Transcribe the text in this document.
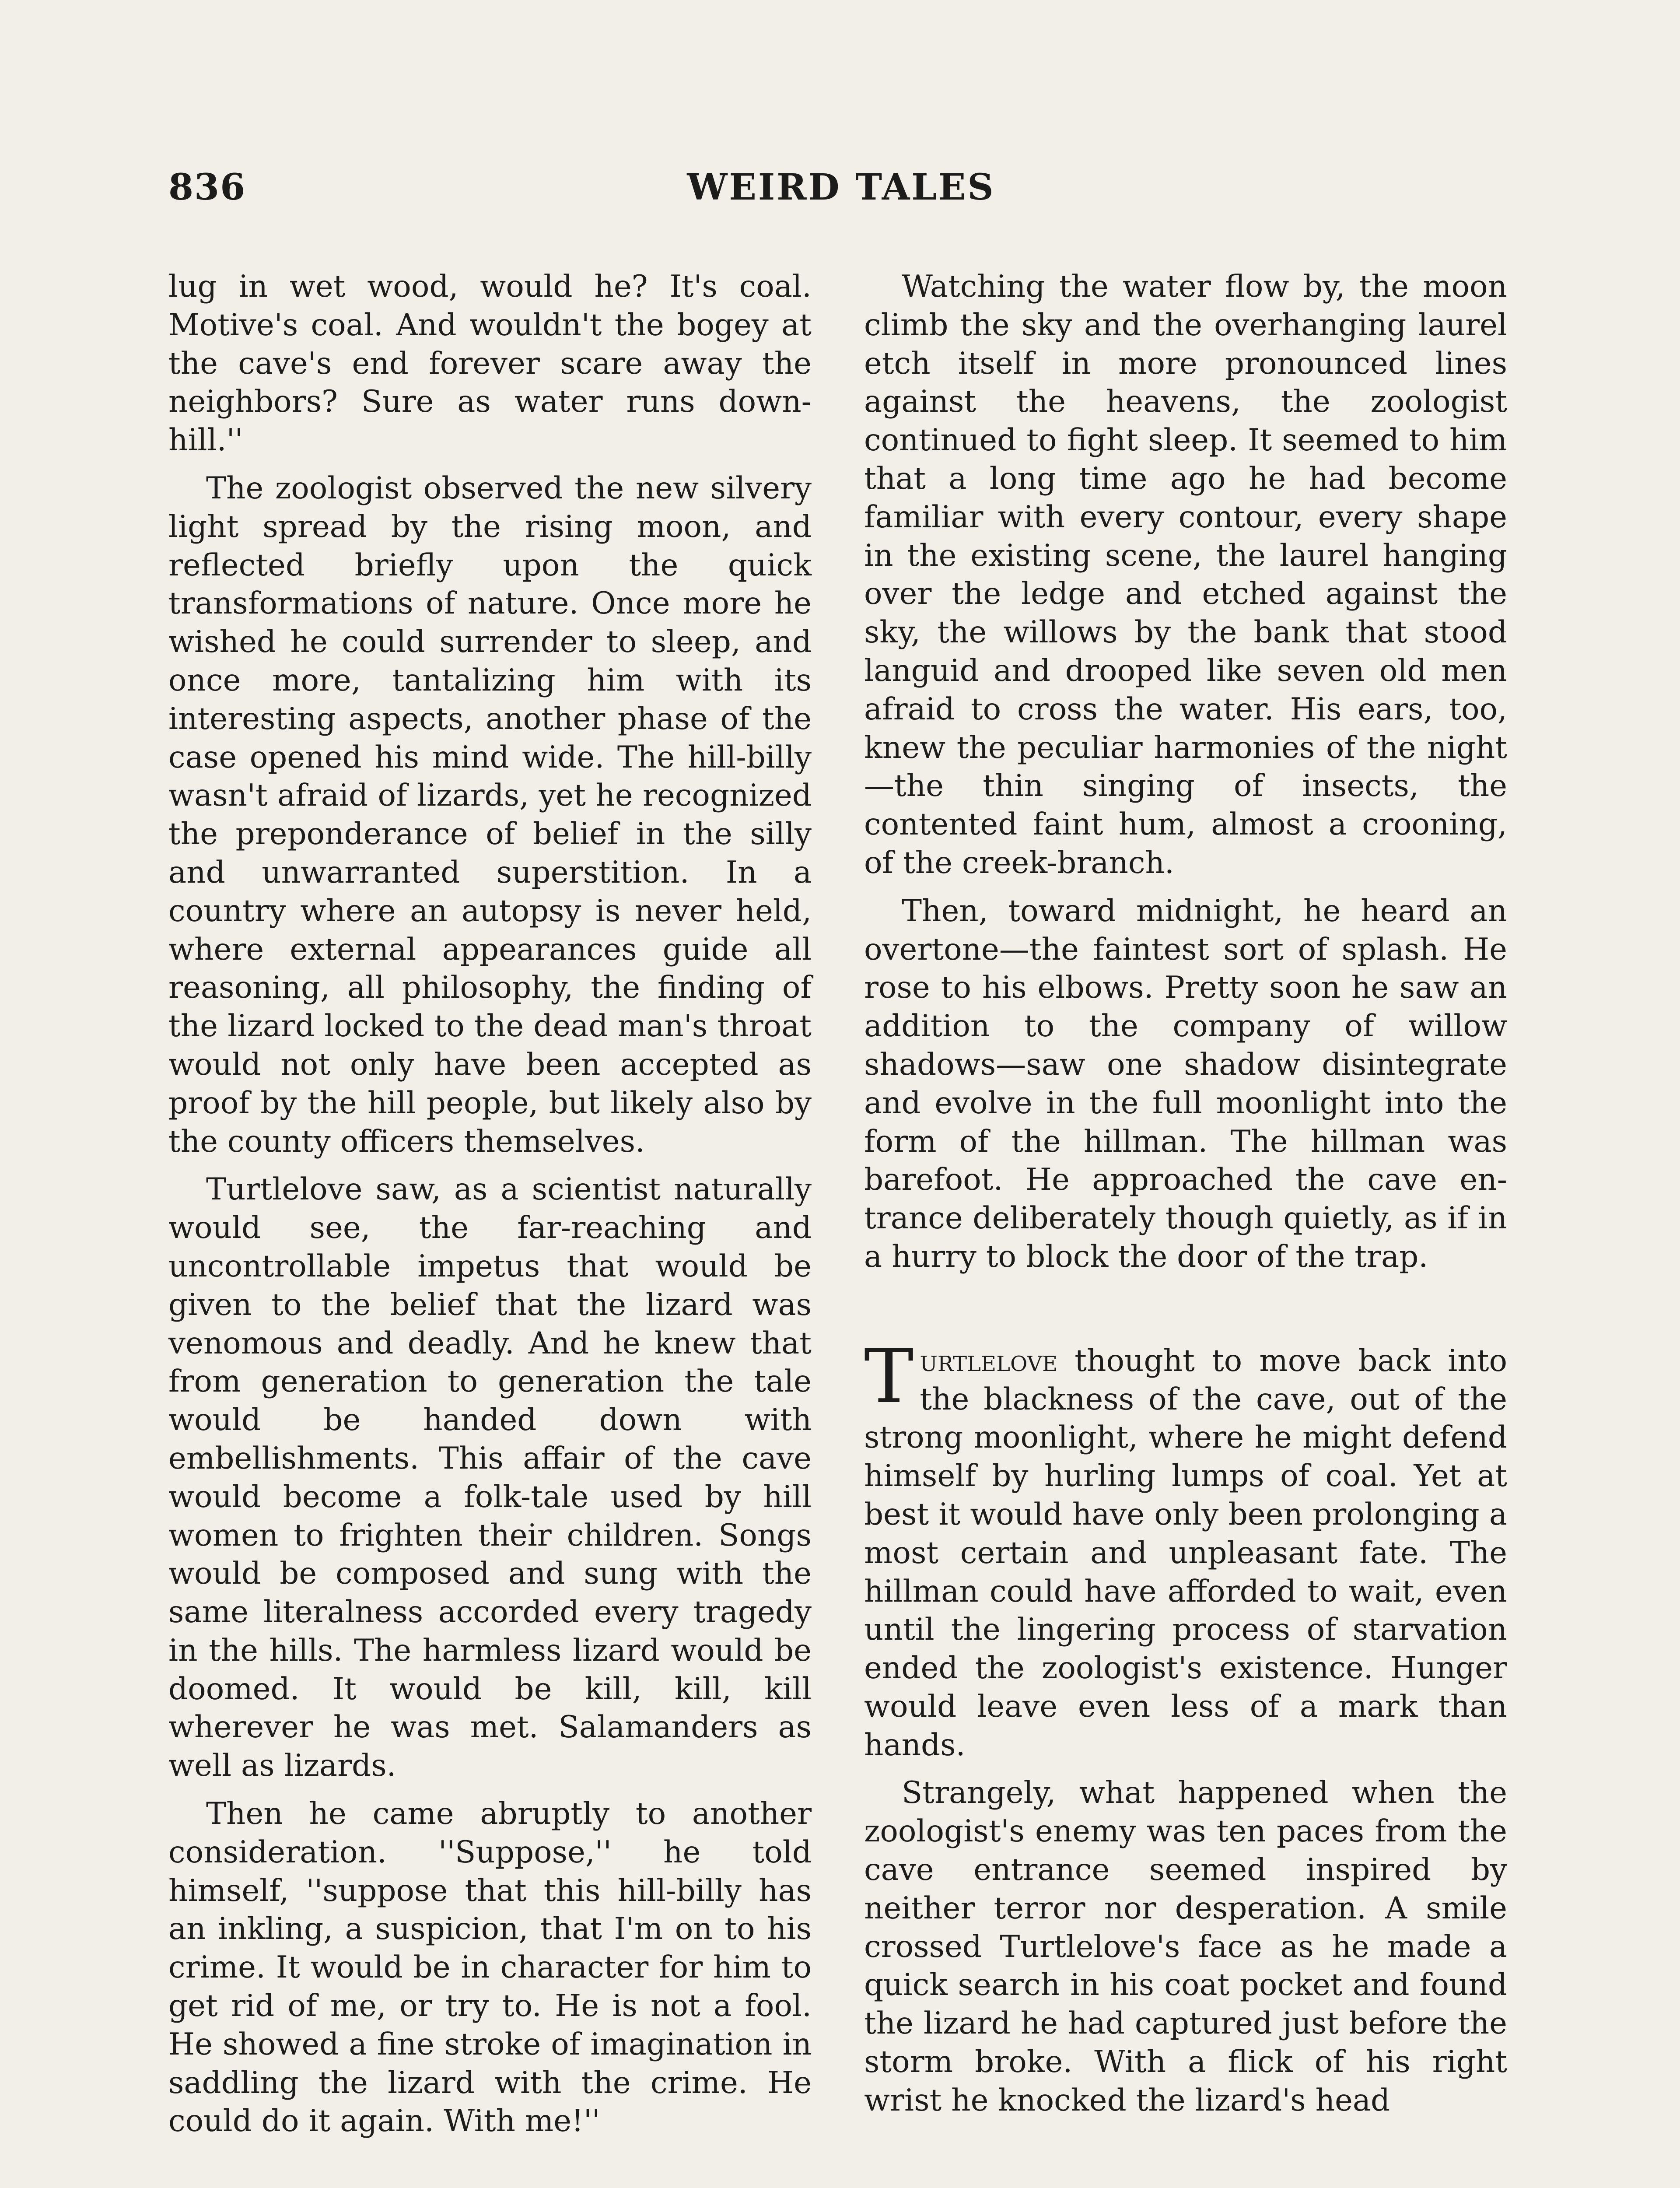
836	WEIRD TALES

lug in wet wood, would he? It's coal. Motive's coal. And wouldn't the bogey at the cave's end forever scare away the neighbors? Sure as water runs down-hill.''

The zoologist observed the new silvery light spread by the rising moon, and reflected briefly upon the quick transformations of nature. Once more he wished he could surrender to sleep, and once more, tantalizing him with its interesting aspects, another phase of the case opened his mind wide. The hill-billy wasn't afraid of lizards, yet he recognized the preponderance of belief in the silly and unwarranted superstition. In a country where an autopsy is never held, where external appearances guide all reasoning, all philosophy, the finding of the lizard locked to the dead man's throat would not only have been accepted as proof by the hill people, but likely also by the county officers themselves.

Turtlelove saw, as a scientist naturally would see, the far-reaching and uncontrollable impetus that would be given to the belief that the lizard was venomous and deadly. And he knew that from generation to generation the tale would be handed down with embellishments. This affair of the cave would become a folk-tale used by hill women to frighten their children. Songs would be composed and sung with the same literalness accorded every tragedy in the hills. The harmless lizard would be doomed. It would be kill, kill, kill wherever he was met. Salamanders as well as lizards.

Then he came abruptly to another consideration. ''Suppose,'' he told himself, ''suppose that this hill-billy has an inkling, a suspicion, that I'm on to his crime. It would be in character for him to get rid of me, or try to. He is not a fool. He showed a fine stroke of imagination in saddling the lizard with the crime. He could do it again. With me!''

Watching the water flow by, the moon climb the sky and the overhanging laurel etch itself in more pronounced lines against the heavens, the zoologist continued to fight sleep. It seemed to him that a long time ago he had become familiar with every contour, every shape in the existing scene, the laurel hanging over the ledge and etched against the sky, the willows by the bank that stood languid and drooped like seven old men afraid to cross the water. His ears, too, knew the peculiar harmonies of the night—the thin singing of insects, the contented faint hum, almost a crooning, of the creek-branch.

Then, toward midnight, he heard an overtone—the faintest sort of splash. He rose to his elbows. Pretty soon he saw an addition to the company of willow shadows—saw one shadow disintegrate and evolve in the full moonlight into the form of the hillman. The hillman was barefoot. He approached the cave entrance deliberately though quietly, as if in a hurry to block the door of the trap.

Turtlelove thought to move back into the blackness of the cave, out of the strong moonlight, where he might defend himself by hurling lumps of coal. Yet at best it would have only been prolonging a most certain and unpleasant fate. The hillman could have afforded to wait, even until the lingering process of starvation ended the zoologist's existence. Hunger would leave even less of a mark than hands.

Strangely, what happened when the zoologist's enemy was ten paces from the cave entrance seemed inspired by neither terror nor desperation. A smile crossed Turtlelove's face as he made a quick search in his coat pocket and found the lizard he had captured just before the storm broke. With a flick of his right wrist he knocked the lizard's head
